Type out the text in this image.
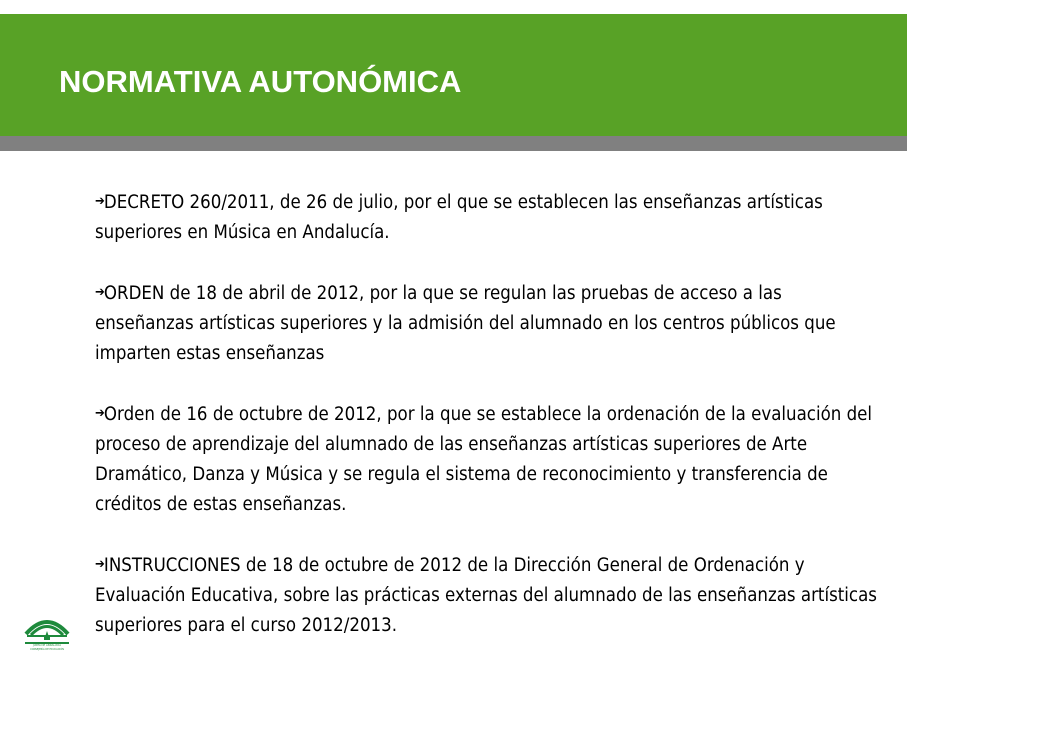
NORMATIVA AUTONÓMICA

➔DECRETO 260/2011, de 26 de julio, por el que se establecen las enseñanzas artísticas superiores en Música en Andalucía.

➔ORDEN de 18 de abril de 2012, por la que se regulan las pruebas de acceso a las enseñanzas artísticas superiores y la admisión del alumnado en los centros públicos que imparten estas enseñanzas

➔Orden de 16 de octubre de 2012, por la que se establece la ordenación de la evaluación del proceso de aprendizaje del alumnado de las enseñanzas artísticas superiores de Arte Dramático, Danza y Música y se regula el sistema de reconocimiento y transferencia de créditos de estas enseñanzas.

➔INSTRUCCIONES de 18 de octubre de 2012 de la Dirección General de Ordenación y Evaluación Educativa, sobre las prácticas externas del alumnado de las enseñanzas artísticas superiores para el curso 2012/2013.

JUNTA DE ANDALUCIA
CONSEJERÍA DE EDUCACIÓN
